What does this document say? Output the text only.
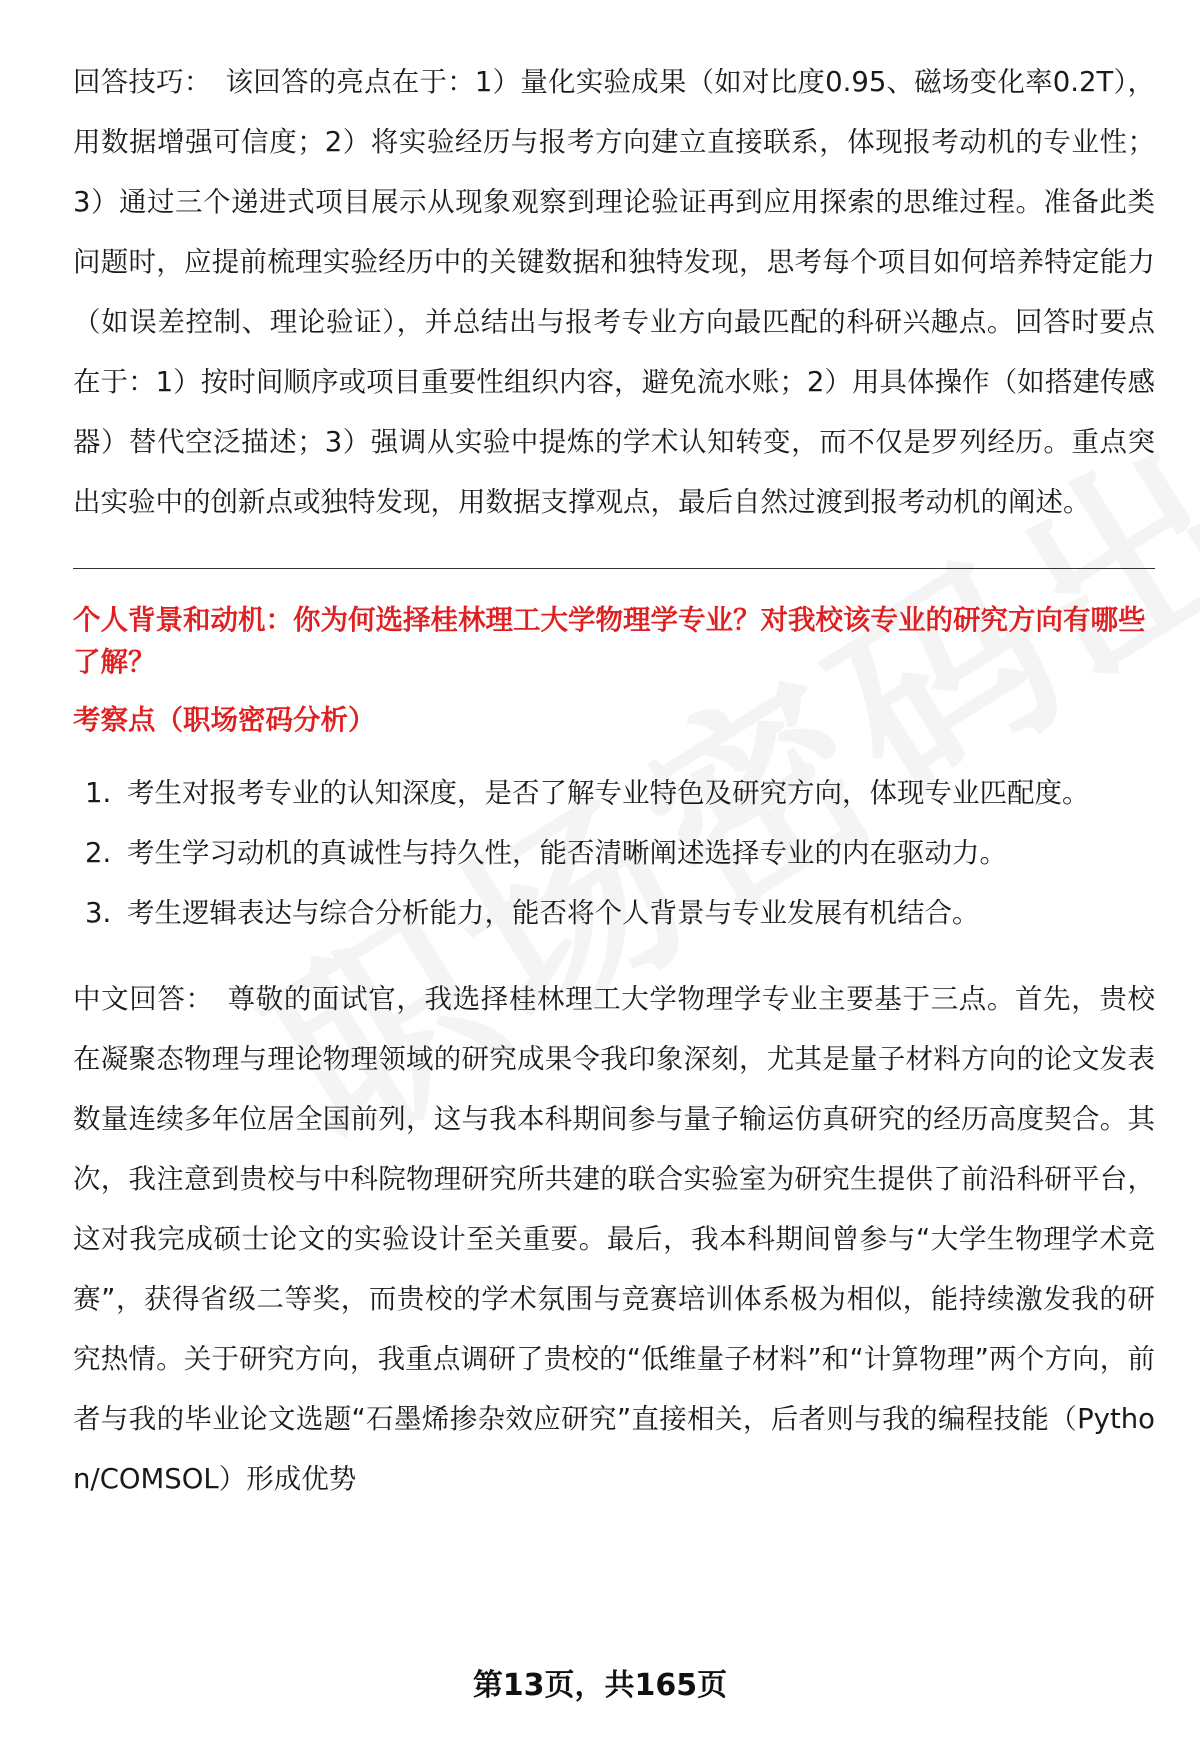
回答技巧： 该回答的亮点在于：1）量化实验成果（如对比度0.95、磁场变化率0.2T），用数据增强可信度；2）将实验经历与报考方向建立直接联系，体现报考动机的专业性；3）通过三个递进式项目展示从现象观察到理论验证再到应用探索的思维过程。准备此类问题时，应提前梳理实验经历中的关键数据和独特发现，思考每个项目如何培养特定能力（如误差控制、理论验证），并总结出与报考专业方向最匹配的科研兴趣点。回答时要点在于：1）按时间顺序或项目重要性组织内容，避免流水账；2）用具体操作（如搭建传感器）替代空泛描述；3）强调从实验中提炼的学术认知转变，而不仅是罗列经历。重点突出实验中的创新点或独特发现，用数据支撑观点，最后自然过渡到报考动机的阐述。

个人背景和动机：你为何选择桂林理工大学物理学专业？对我校该专业的研究方向有哪些了解？

考察点（职场密码分析）

1. 考生对报考专业的认知深度，是否了解专业特色及研究方向，体现专业匹配度。
2. 考生学习动机的真诚性与持久性，能否清晰阐述选择专业的内在驱动力。
3. 考生逻辑表达与综合分析能力，能否将个人背景与专业发展有机结合。

中文回答： 尊敬的面试官，我选择桂林理工大学物理学专业主要基于三点。首先，贵校在凝聚态物理与理论物理领域的研究成果令我印象深刻，尤其是量子材料方向的论文发表数量连续多年位居全国前列，这与我本科期间参与量子输运仿真研究的经历高度契合。其次，我注意到贵校与中科院物理研究所共建的联合实验室为研究生提供了前沿科研平台，这对我完成硕士论文的实验设计至关重要。最后，我本科期间曾参与“大学生物理学术竞赛”，获得省级二等奖，而贵校的学术氛围与竞赛培训体系极为相似，能持续激发我的研究热情。关于研究方向，我重点调研了贵校的“低维量子材料”和“计算物理”两个方向，前者与我的毕业论文选题“石墨烯掺杂效应研究”直接相关，后者则与我的编程技能（Python/COMSOL）形成优势

第13页，共165页
